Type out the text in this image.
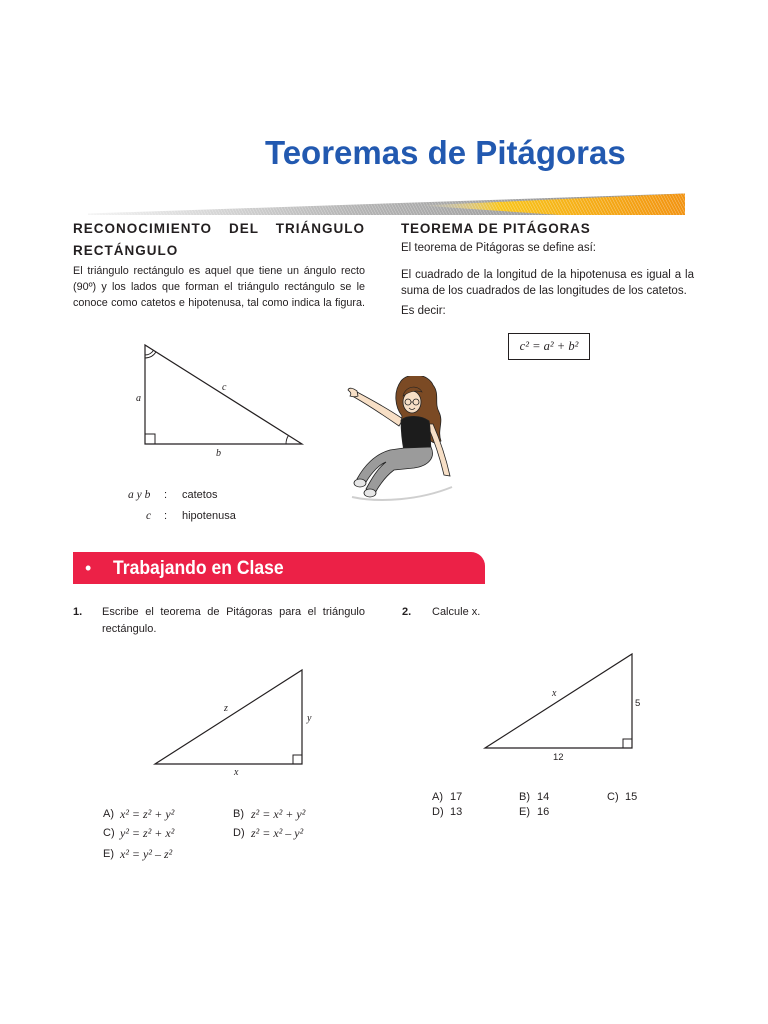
Teoremas de Pitágoras
RECONOCIMIENTO DEL TRIÁNGULO
RECTÁNGULO
El triángulo rectángulo es aquel que tiene un ángulo recto
(90º) y los lados que forman el triángulo rectángulo se le
conoce como catetos e hipotenusa, tal como indica la figura.
a
c
b
a y b : catetos
c : hipotenusa
TEOREMA DE PITÁGORAS
El teorema de Pitágoras se define así:
El cuadrado de la longitud de la hipotenusa es igual a la
suma de los cuadrados de las longitudes de los catetos.
Es decir:
c² = a² + b²
• Trabajando en Clase
1. Escribe el teorema de Pitágoras para el triángulo
rectángulo.
z
y
x
A) x² = z² + y²	B) z² = x² + y²
C) y² = z² + x²	D) z² = x² – y²
E) x² = y² – z²
2. Calcule x.
x
5
12
A) 17	B) 14	C) 15
D) 13	E) 16
